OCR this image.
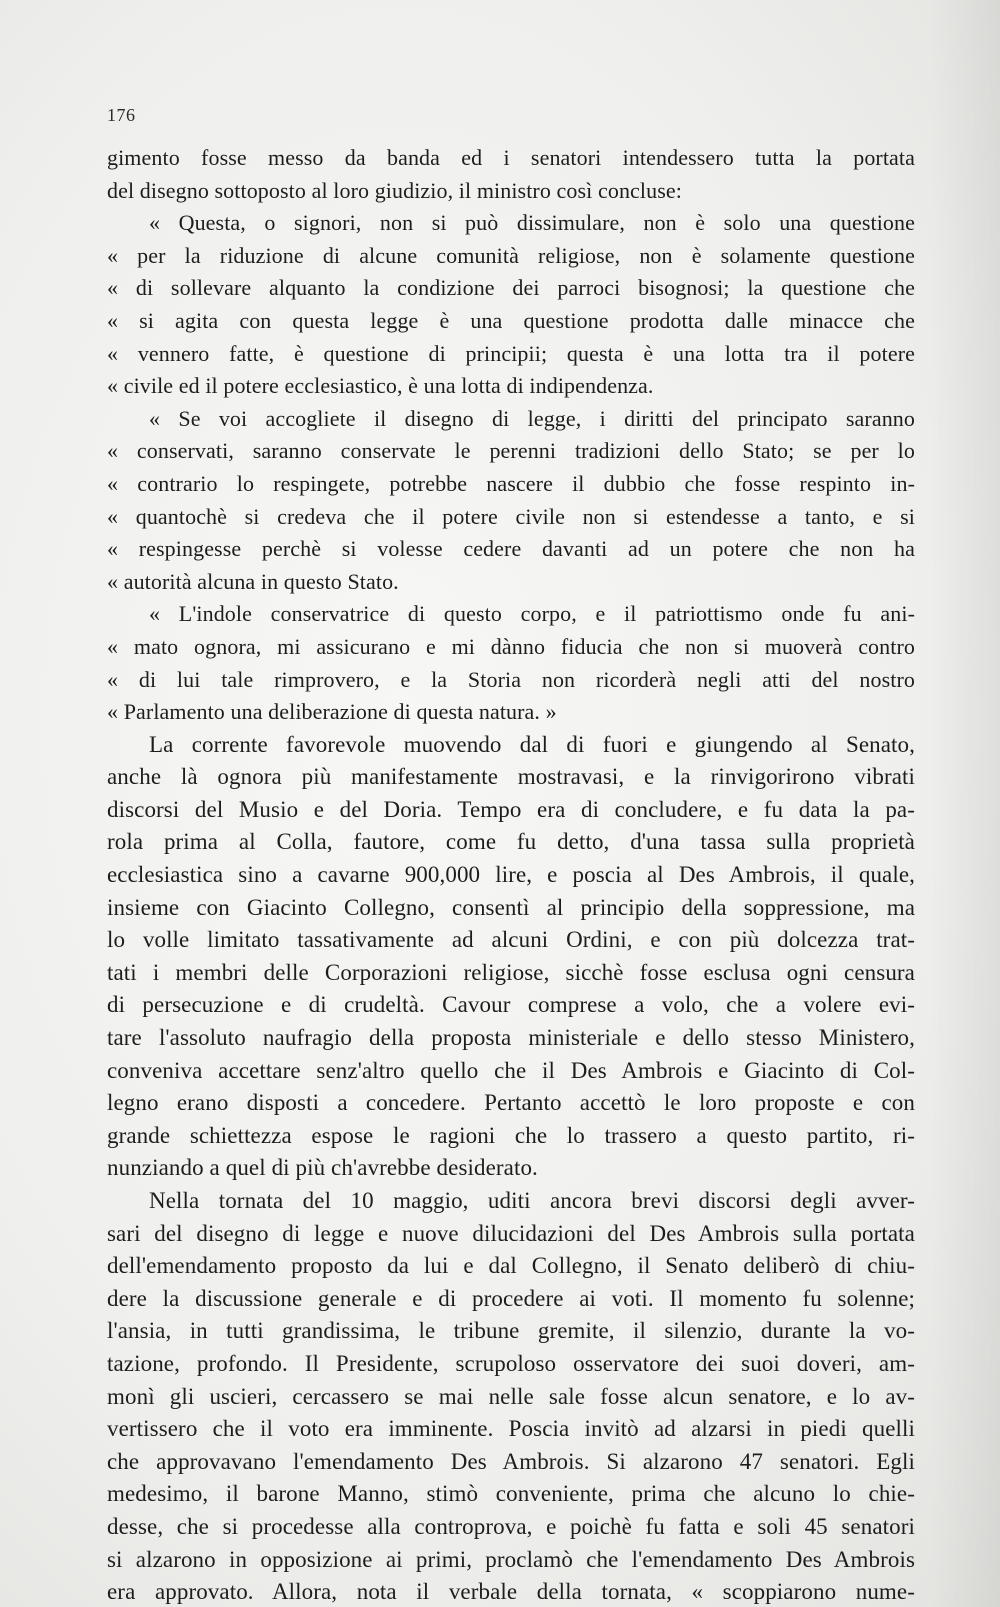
176
gimento fosse messo da banda ed i senatori intendessero tutta la portata
del disegno sottoposto al loro giudizio, il ministro così concluse:
« Questa, o signori, non si può dissimulare, non è solo una questione
« per la riduzione di alcune comunità religiose, non è solamente questione
« di sollevare alquanto la condizione dei parroci bisognosi; la questione che
« si agita con questa legge è una questione prodotta dalle minacce che
« vennero fatte, è questione di principii; questa è una lotta tra il potere
« civile ed il potere ecclesiastico, è una lotta di indipendenza.
« Se voi accogliete il disegno di legge, i diritti del principato saranno
« conservati, saranno conservate le perenni tradizioni dello Stato; se per lo
« contrario lo respingete, potrebbe nascere il dubbio che fosse respinto in-
« quantochè si credeva che il potere civile non si estendesse a tanto, e si
« respingesse perchè si volesse cedere davanti ad un potere che non ha
« autorità alcuna in questo Stato.
« L'indole conservatrice di questo corpo, e il patriottismo onde fu ani-
« mato ognora, mi assicurano e mi dànno fiducia che non si muoverà contro
« di lui tale rimprovero, e la Storia non ricorderà negli atti del nostro
« Parlamento una deliberazione di questa natura. »
La corrente favorevole muovendo dal di fuori e giungendo al Senato,
anche là ognora più manifestamente mostravasi, e la rinvigorirono vibrati
discorsi del Musio e del Doria. Tempo era di concludere, e fu data la pa-
rola prima al Colla, fautore, come fu detto, d'una tassa sulla proprietà
ecclesiastica sino a cavarne 900,000 lire, e poscia al Des Ambrois, il quale,
insieme con Giacinto Collegno, consentì al principio della soppressione, ma
lo volle limitato tassativamente ad alcuni Ordini, e con più dolcezza trat-
tati i membri delle Corporazioni religiose, sicchè fosse esclusa ogni censura
di persecuzione e di crudeltà. Cavour comprese a volo, che a volere evi-
tare l'assoluto naufragio della proposta ministeriale e dello stesso Ministero,
conveniva accettare senz'altro quello che il Des Ambrois e Giacinto di Col-
legno erano disposti a concedere. Pertanto accettò le loro proposte e con
grande schiettezza espose le ragioni che lo trassero a questo partito, ri-
nunziando a quel di più ch'avrebbe desiderato.
Nella tornata del 10 maggio, uditi ancora brevi discorsi degli avver-
sari del disegno di legge e nuove dilucidazioni del Des Ambrois sulla portata
dell'emendamento proposto da lui e dal Collegno, il Senato deliberò di chiu-
dere la discussione generale e di procedere ai voti. Il momento fu solenne;
l'ansia, in tutti grandissima, le tribune gremite, il silenzio, durante la vo-
tazione, profondo. Il Presidente, scrupoloso osservatore dei suoi doveri, am-
monì gli uscieri, cercassero se mai nelle sale fosse alcun senatore, e lo av-
vertissero che il voto era imminente. Poscia invitò ad alzarsi in piedi quelli
che approvavano l'emendamento Des Ambrois. Si alzarono 47 senatori. Egli
medesimo, il barone Manno, stimò conveniente, prima che alcuno lo chie-
desse, che si procedesse alla controprova, e poichè fu fatta e soli 45 senatori
si alzarono in opposizione ai primi, proclamò che l'emendamento Des Ambrois
era approvato. Allora, nota il verbale della tornata, « scoppiarono nume-
